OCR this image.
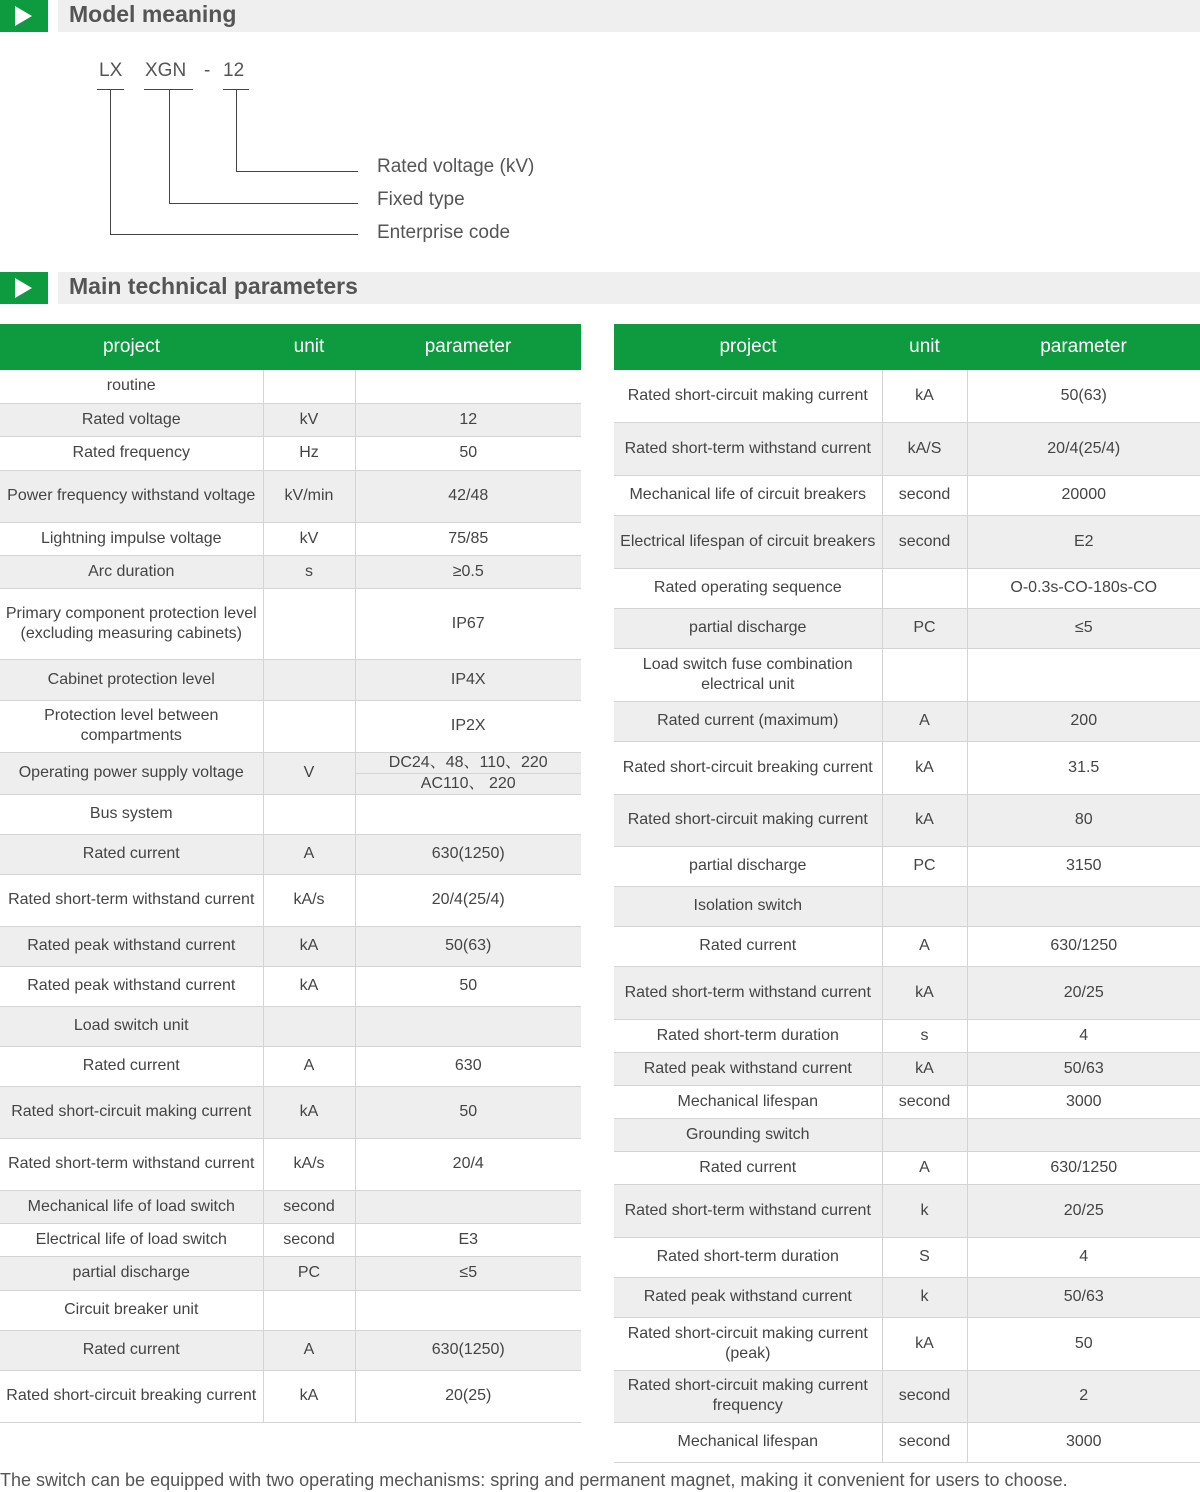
Model meaning
LX XGN - 12
Rated voltage (kV)
Fixed type
Enterprise code
Main technical parameters
project	unit	parameter
routine		
Rated voltage	kV	12
Rated frequency	Hz	50
Power frequency withstand voltage	kV/min	42/48
Lightning impulse voltage	kV	75/85
Arc duration	s	≥0.5
Primary component protection level (excluding measuring cabinets)		IP67
Cabinet protection level		IP4X
Protection level between compartments		IP2X
Operating power supply voltage	V	DC24、48、110、220
		AC110、 220
Bus system		
Rated current	A	630(1250)
Rated short-term withstand current	kA/s	20/4(25/4)
Rated peak withstand current	kA	50(63)
Rated peak withstand current	kA	50
Load switch unit		
Rated current	A	630
Rated short-circuit making current	kA	50
Rated short-term withstand current	kA/s	20/4
Mechanical life of load switch	second	
Electrical life of load switch	second	E3
partial discharge	PC	≤5
Circuit breaker unit		
Rated current	A	630(1250)
Rated short-circuit breaking current	kA	20(25)
project	unit	parameter
Rated short-circuit making current	kA	50(63)
Rated short-term withstand current	kA/S	20/4(25/4)
Mechanical life of circuit breakers	second	20000
Electrical lifespan of circuit breakers	second	E2
Rated operating sequence		O-0.3s-CO-180s-CO
partial discharge	PC	≤5
Load switch fuse combination electrical unit		
Rated current (maximum)	A	200
Rated short-circuit breaking current	kA	31.5
Rated short-circuit making current	kA	80
partial discharge	PC	3150
Isolation switch		
Rated current	A	630/1250
Rated short-term withstand current	kA	20/25
Rated short-term duration	s	4
Rated peak withstand current	kA	50/63
Mechanical lifespan	second	3000
Grounding switch		
Rated current	A	630/1250
Rated short-term withstand current	k	20/25
Rated short-term duration	S	4
Rated peak withstand current	k	50/63
Rated short-circuit making current (peak)	kA	50
Rated short-circuit making current frequency	second	2
Mechanical lifespan	second	3000
The switch can be equipped with two operating mechanisms: spring and permanent magnet, making it convenient for users to choose.
